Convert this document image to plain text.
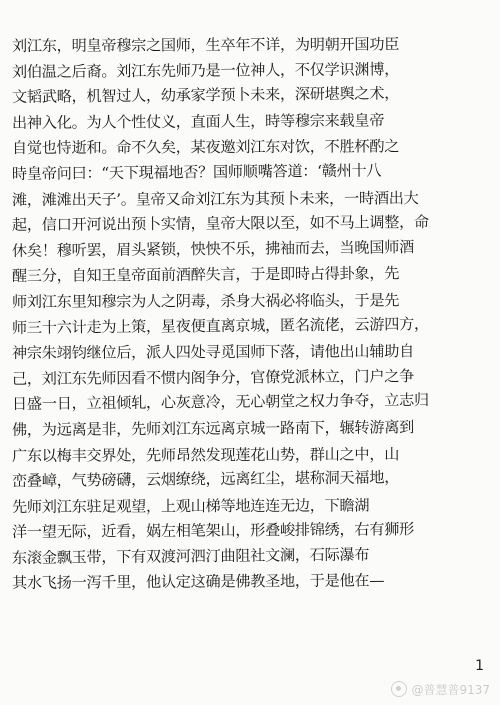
刘江东，明皇帝穆宗之国师，生卒年不详，为明朝开国功臣
刘伯温之后裔。刘江东先师乃是一位神人，不仅学识渊博，
文韬武略，机智过人，幼承家学预卜未来，深研堪舆之术，
出神入化。为人个性仗义，直面人生，時等穆宗来载皇帝
自觉也恃逝和。命不久矣，某夜邀刘江东对饮，不胜杯酌之
時皇帝问曰：“天下現福地否？国师顺嘴答道：‘赣州十八
滩，滩滩出天子’。皇帝又命刘江东为其预卜未来，一時酒出大
起，信口开河说出预卜实情，皇帝大限以至，如不马上调整，命
休矣！穆听罢，眉头紧锁，怏怏不乐，拂袖而去，当晚国师酒
醒三分，自知王皇帝面前酒醉失言，于是即時占得卦象，先
师刘江东里知穆宗为人之阴毒，杀身大祸必将临头，于是先
师三十六计走为上策，星夜便直离京城，匿名流佬，云游四方，
神宗朱翊钧继位后，派人四处寻觅国师下落，请他出山辅助自
己，刘江东先师因看不惯内阁争分，官僚党派林立，门户之争
日盛一日，立祖倾轧，心灰意冷，无心朝堂之权力争夺，立志归
佛，为远离是非，先师刘江东远离京城一路南下，辗转游离到
广东以梅丰交界处，先师昂然发现莲花山势，群山之中，山
峦叠嶂，气势磅礴，云烟缭绕，远离红尘，堪称洞天福地，
先师刘江东驻足观望，上观山梯等地连连无边，下瞻湖
洋一望无际，近看，娲左相笔架山，形叠峻排锦绣，右有狮形
东滚金飘玉带，下有双渡河泗汀曲阻社文澜，石际瀑布
其水飞扬一泻千里，他认定这确是佛教圣地，于是他在—
1
@普慧普9137
